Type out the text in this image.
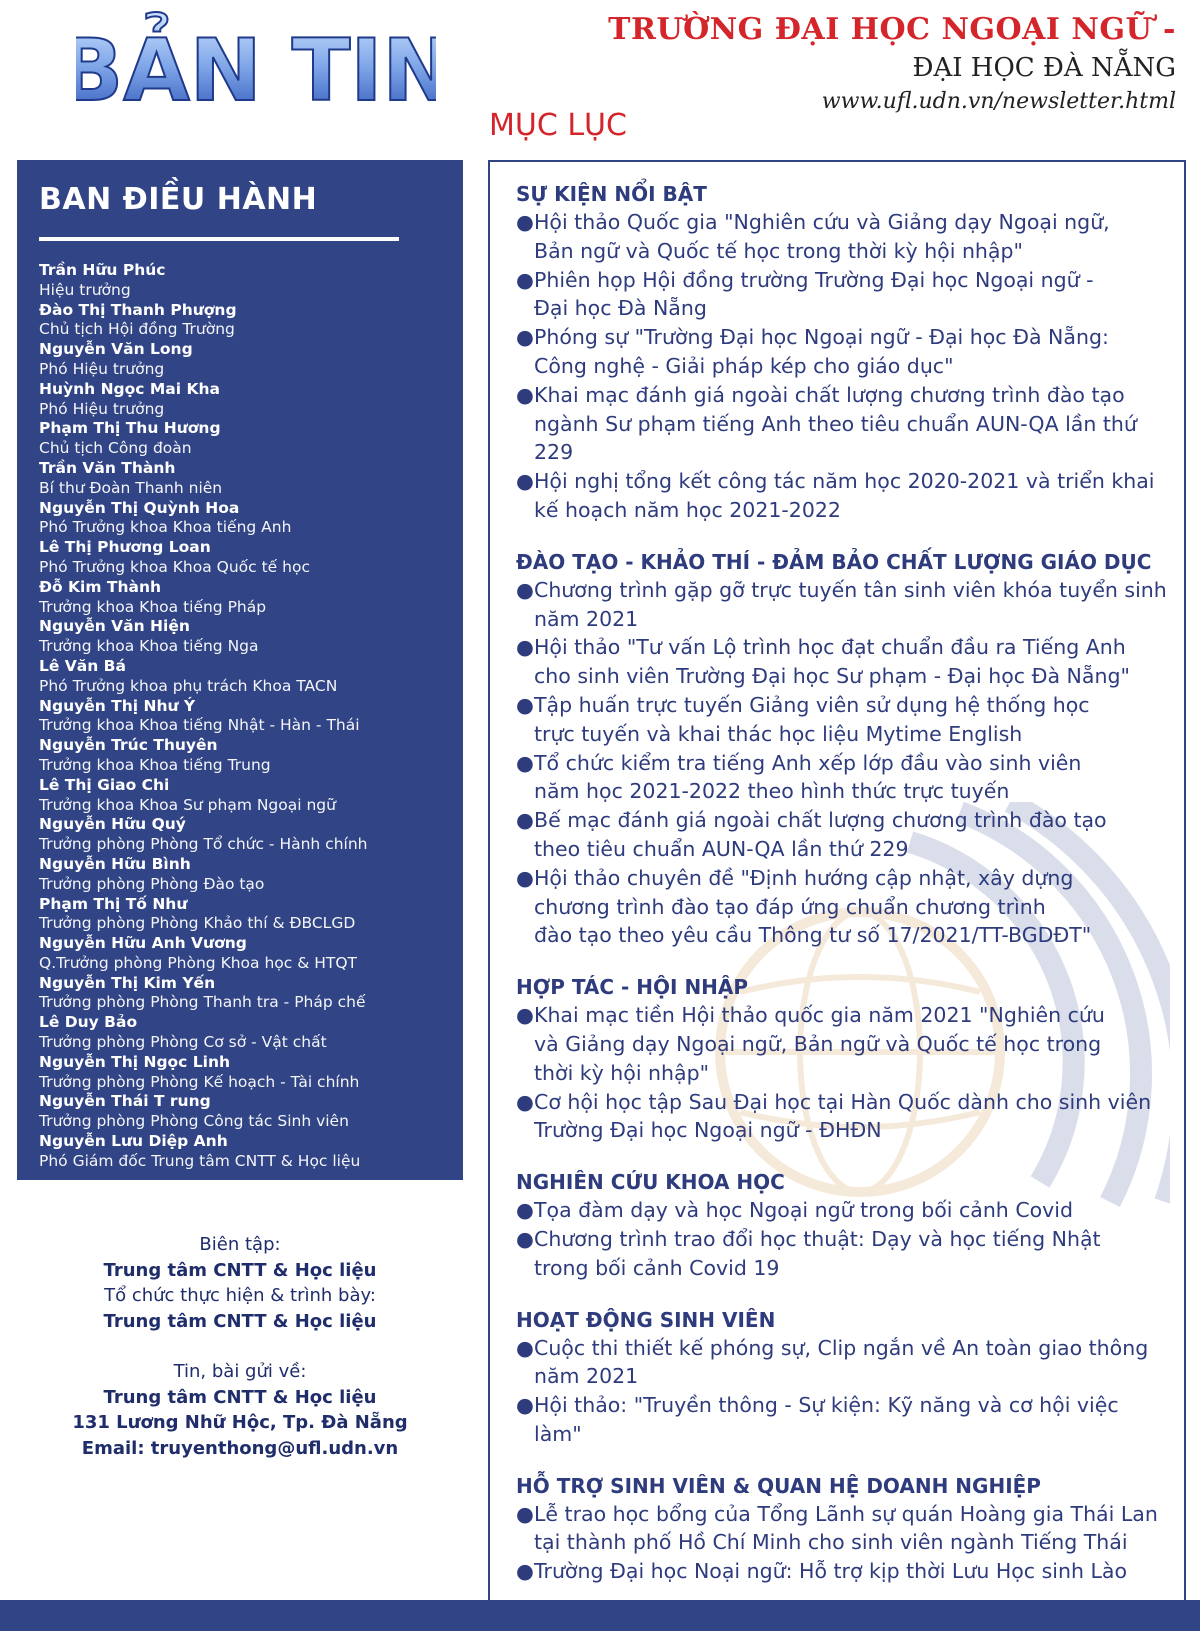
BẢN TIN	TRƯỜNG ĐẠI HỌC NGOẠI NGỮ -
ĐẠI HỌC ĐÀ NẴNG
www.ufl.udn.vn/newsletter.html
MỤC LỤC
BAN ĐIỀU HÀNH
Trần Hữu Phúc
Hiệu trưởng
Đào Thị Thanh Phượng
Chủ tịch Hội đồng Trường
Nguyễn Văn Long
Phó Hiệu trưởng
Huỳnh Ngọc Mai Kha
Phó Hiệu trưởng
Phạm Thị Thu Hương
Chủ tịch Công đoàn
Trần Văn Thành
Bí thư Đoàn Thanh niên
Nguyễn Thị Quỳnh Hoa
Phó Trưởng khoa Khoa tiếng Anh
Lê Thị Phương Loan
Phó Trưởng khoa Khoa Quốc tế học
Đỗ Kim Thành
Trưởng khoa Khoa tiếng Pháp
Nguyễn Văn Hiện
Trưởng khoa Khoa tiếng Nga
Lê Văn Bá
Phó Trưởng khoa phụ trách Khoa TACN
Nguyễn Thị Như Ý
Trưởng khoa Khoa tiếng Nhật - Hàn - Thái
Nguyễn Trúc Thuyên
Trưởng khoa Khoa tiếng Trung
Lê Thị Giao Chi
Trưởng khoa Khoa Sư phạm Ngoại ngữ
Nguyễn Hữu Quý
Trưởng phòng Phòng Tổ chức - Hành chính
Nguyễn Hữu Bình
Trưởng phòng Phòng Đào tạo
Phạm Thị Tố Như
Trưởng phòng Phòng Khảo thí & ĐBCLGD
Nguyễn Hữu Anh Vương
Q.Trưởng phòng Phòng Khoa học & HTQT
Nguyễn Thị Kim Yến
Trưởng phòng Phòng Thanh tra - Pháp chế
Lê Duy Bảo
Trưởng phòng Phòng Cơ sở - Vật chất
Nguyễn Thị Ngọc Linh
Trưởng phòng Phòng Kế hoạch - Tài chính
Nguyễn Thái T rung
Trưởng phòng Phòng Công tác Sinh viên
Nguyễn Lưu Diệp Anh
Phó Giám đốc Trung tâm CNTT & Học liệu
Biên tập:
Trung tâm CNTT & Học liệu
Tổ chức thực hiện & trình bày:
Trung tâm CNTT & Học liệu
Tin, bài gửi về:
Trung tâm CNTT & Học liệu
131 Lương Nhữ Hộc, Tp. Đà Nẵng
Email: truyenthong@ufl.udn.vn
SỰ KIỆN NỔI BẬT
● Hội thảo Quốc gia "Nghiên cứu và Giảng dạy Ngoại ngữ,
Bản ngữ và Quốc tế học trong thời kỳ hội nhập"
● Phiên họp Hội đồng trường Trường Đại học Ngoại ngữ -
Đại học Đà Nẵng
● Phóng sự "Trường Đại học Ngoại ngữ - Đại học Đà Nẵng:
Công nghệ - Giải pháp kép cho giáo dục"
● Khai mạc đánh giá ngoài chất lượng chương trình đào tạo
ngành Sư phạm tiếng Anh theo tiêu chuẩn AUN-QA lần thứ 229
● Hội nghị tổng kết công tác năm học 2020-2021 và triển khai
kế hoạch năm học 2021-2022
ĐÀO TẠO - KHẢO THÍ - ĐẢM BẢO CHẤT LƯỢNG GIÁO DỤC
● Chương trình gặp gỡ trực tuyến tân sinh viên khóa tuyển sinh
năm 2021
● Hội thảo "Tư vấn Lộ trình học đạt chuẩn đầu ra Tiếng Anh
cho sinh viên Trường Đại học Sư phạm - Đại học Đà Nẵng"
● Tập huấn trực tuyến Giảng viên sử dụng hệ thống học
trực tuyến và khai thác học liệu Mytime English
● Tổ chức kiểm tra tiếng Anh xếp lớp đầu vào sinh viên
năm học 2021-2022 theo hình thức trực tuyến
● Bế mạc đánh giá ngoài chất lượng chương trình đào tạo
theo tiêu chuẩn AUN-QA lần thứ 229
● Hội thảo chuyên đề "Định hướng cập nhật, xây dựng
chương trình đào tạo đáp ứng chuẩn chương trình
đào tạo theo yêu cầu Thông tư số 17/2021/TT-BGDĐT"
HỢP TÁC - HỘI NHẬP
● Khai mạc tiền Hội thảo quốc gia năm 2021 "Nghiên cứu
và Giảng dạy Ngoại ngữ, Bản ngữ và Quốc tế học trong
thời kỳ hội nhập"
● Cơ hội học tập Sau Đại học tại Hàn Quốc dành cho sinh viên
Trường Đại học Ngoại ngữ - ĐHĐN
NGHIÊN CỨU KHOA HỌC
● Tọa đàm dạy và học Ngoại ngữ trong bối cảnh Covid
● Chương trình trao đổi học thuật: Dạy và học tiếng Nhật
trong bối cảnh Covid 19
HOẠT ĐỘNG SINH VIÊN
● Cuộc thi thiết kế phóng sự, Clip ngắn về An toàn giao thông
năm 2021
● Hội thảo: "Truyền thông - Sự kiện: Kỹ năng và cơ hội việc làm"
HỖ TRỢ SINH VIÊN & QUAN HỆ DOANH NGHIỆP
● Lễ trao học bổng của Tổng Lãnh sự quán Hoàng gia Thái Lan
tại thành phố Hồ Chí Minh cho sinh viên ngành Tiếng Thái
● Trường Đại học Noại ngữ: Hỗ trợ kịp thời Lưu Học sinh Lào
